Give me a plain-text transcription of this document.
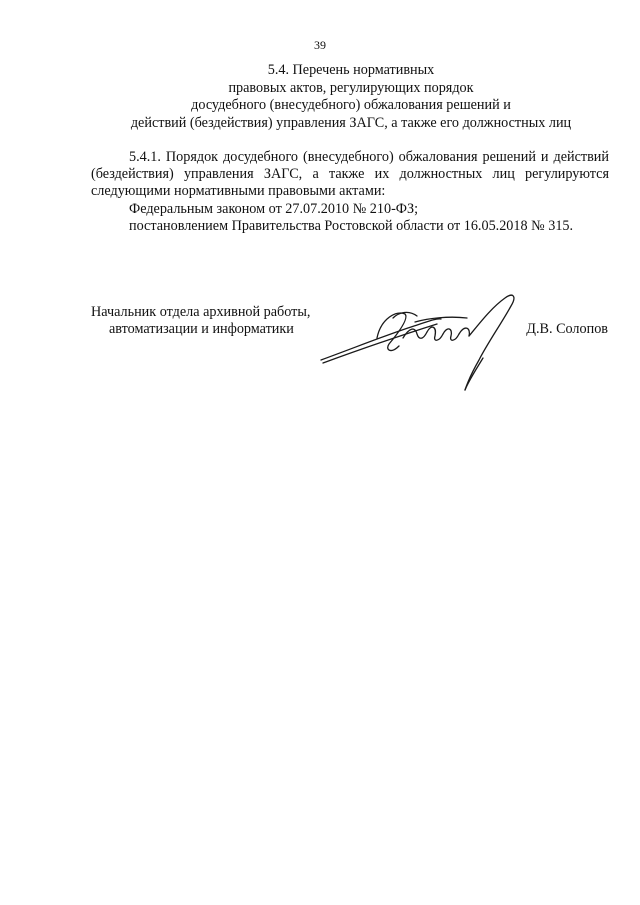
39
5.4. Перечень нормативных
правовых актов, регулирующих порядок
досудебного (внесудебного) обжалования решений и
действий (бездействия) управления ЗАГС, а также его должностных лиц

5.4.1. Порядок досудебного (внесудебного) обжалования решений и действий (бездействия) управления ЗАГС, а также их должностных лиц регулируются следующими нормативными правовыми актами:

Федеральным законом от 27.07.2010 № 210-ФЗ;

постановлением Правительства Ростовской области от 16.05.2018 № 315.

Начальник отдела архивной работы,
автоматизации и информатики	Д.В. Солопов
